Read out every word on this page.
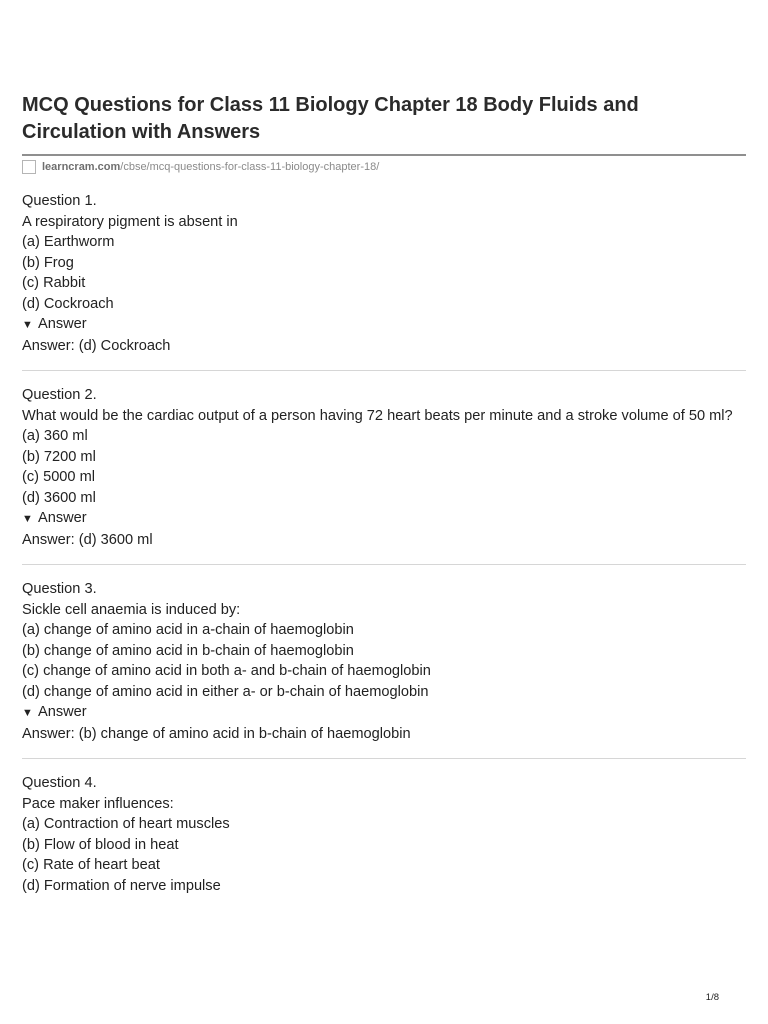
MCQ Questions for Class 11 Biology Chapter 18 Body Fluids and Circulation with Answers
learncram.com /cbse/mcq-questions-for-class-11-biology-chapter-18/

Question 1.

A respiratory pigment is absent in

(a) Earthworm

(b) Frog

(c) Rabbit

(d) Cockroach

▼ Answer

Answer: (d) Cockroach

Question 2.

What would be the cardiac output of a person having 72 heart beats per minute and a stroke volume of 50 ml?

(a) 360 ml

(b) 7200 ml

(c) 5000 ml

(d) 3600 ml

▼ Answer

Answer: (d) 3600 ml

Question 3.

Sickle cell anaemia is induced by:

(a) change of amino acid in a-chain of haemoglobin

(b) change of amino acid in b-chain of haemoglobin

(c) change of amino acid in both a- and b-chain of haemoglobin

(d) change of amino acid in either a- or b-chain of haemoglobin

▼ Answer

Answer: (b) change of amino acid in b-chain of haemoglobin

Question 4.

Pace maker influences:

(a) Contraction of heart muscles

(b) Flow of blood in heat

(c) Rate of heart beat

(d) Formation of nerve impulse

1/8
